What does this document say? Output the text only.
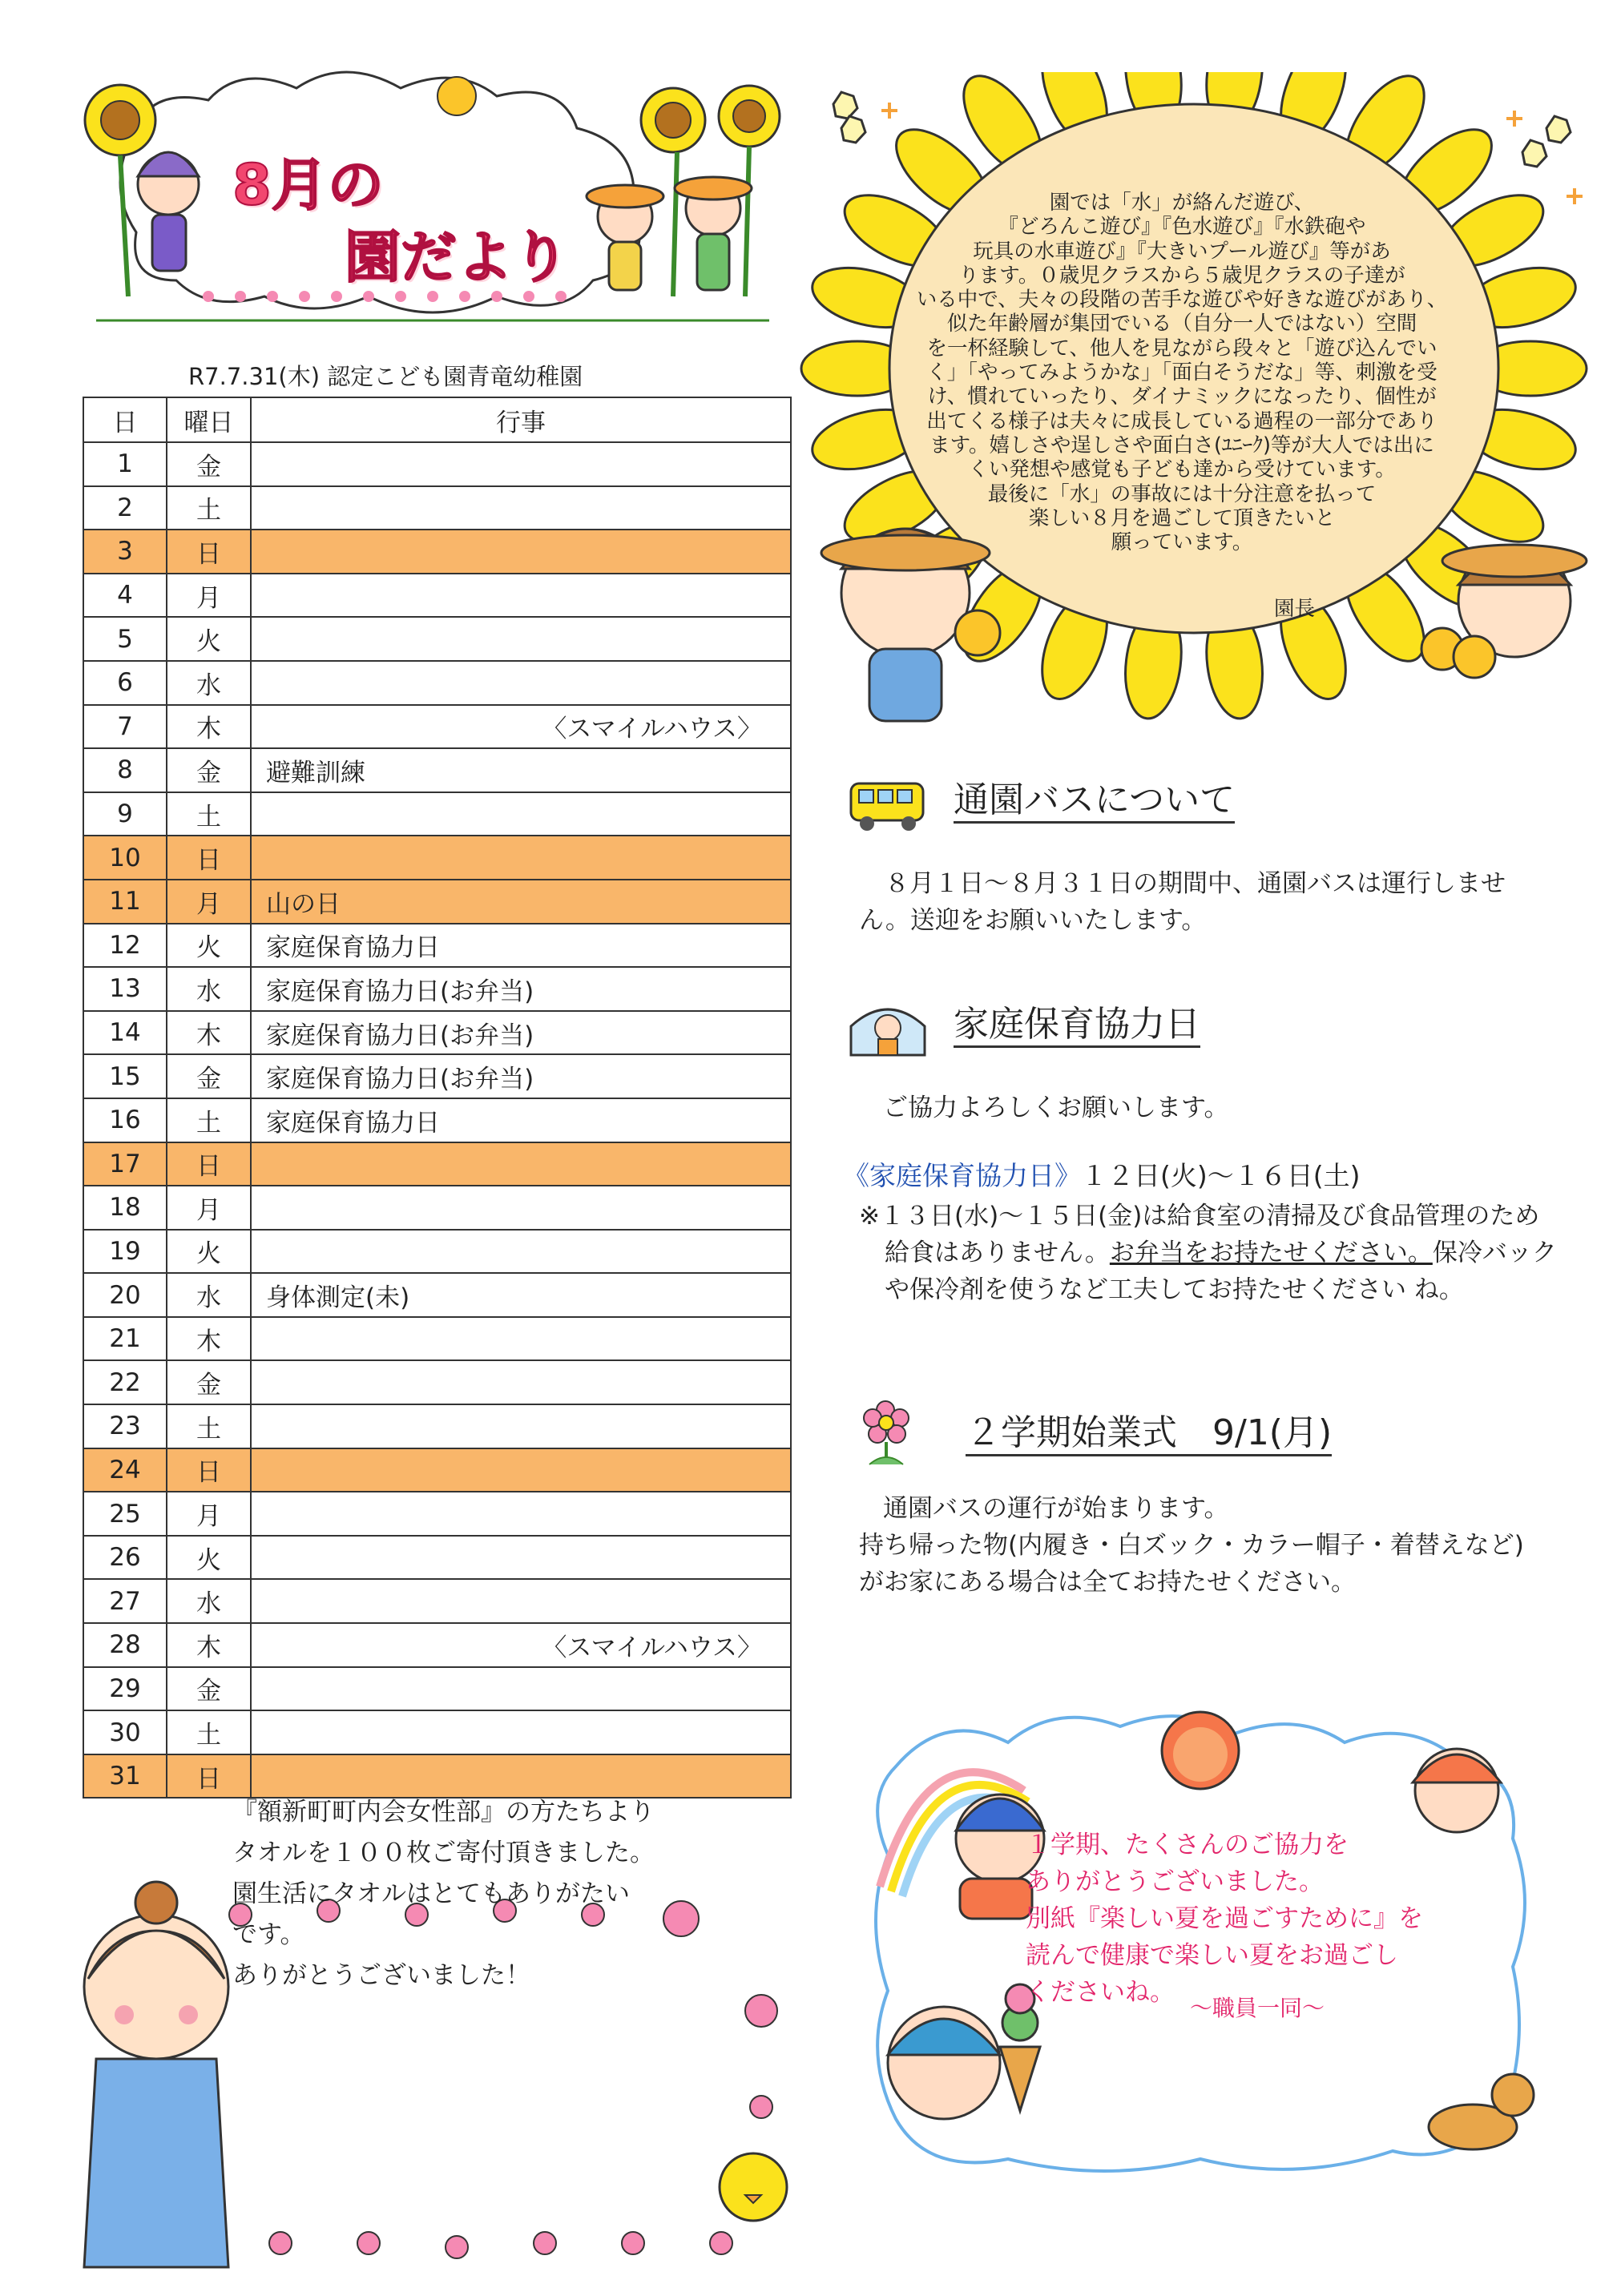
8月の
園だより
R7.7.31(木) 認定こども園青竜幼稚園
日	曜日	行事
1	金	
2	土	
3	日	
4	月	
5	火	
6	水	
7	木	〈スマイルハウス〉
8	金	避難訓練
9	土	
10	日	
11	月	山の日
12	火	家庭保育協力日
13	水	家庭保育協力日(お弁当)
14	木	家庭保育協力日(お弁当)
15	金	家庭保育協力日(お弁当)
16	土	家庭保育協力日
17	日	
18	月	
19	火	
20	水	身体測定(未)
21	木	
22	金	
23	土	
24	日	
25	月	
26	火	
27	水	
28	木	〈スマイルハウス〉
29	金	
30	土	
31	日	
園では「水」が絡んだ遊び、
『どろんこ遊び』『色水遊び』『水鉄砲や
玩具の水車遊び』『大きいプール遊び』等があ
ります。０歳児クラスから５歳児クラスの子達が
いる中で、夫々の段階の苦手な遊びや好きな遊びがあり、
似た年齢層が集団でいる（自分一人ではない）空間
を一杯経験して、他人を見ながら段々と「遊び込んでい
く」「やってみようかな」「面白そうだな」等、刺激を受
け、慣れていったり、ダイナミックになったり、個性が
出てくる様子は夫々に成長している過程の一部分であり
ます。嬉しさや逞しさや面白さ(ﾕﾆｰｸ)等が大人では出に
くい発想や感覚も子ども達から受けています。
最後に「水」の事故には十分注意を払って
楽しい８月を過ごして頂きたいと
願っています。
園長
通園バスについて
８月１日～８月３１日の期間中、通園バスは運行しません。送迎をお願いいたします。
家庭保育協力日
ご協力よろしくお願いします。
《家庭保育協力日》１２日(火)～１６日(土)
※１３日(水)～１５日(金)は給食室の清掃及び食品管理のため給食はありません。お弁当をお持たせください。保冷バックや保冷剤を使うなど工夫してお持たせください ね。
２学期始業式　9/1(月)
通園バスの運行が始まります。
持ち帰った物(内履き・白ズック・カラー帽子・着替えなど)がお家にある場合は全てお持たせください。
『額新町町内会女性部』の方たちより
タオルを１００枚ご寄付頂きました。
園生活にタオルはとてもありがたい
です。
ありがとうございました！
１学期、たくさんのご協力を
ありがとうございました。
別紙『楽しい夏を過ごすために』を
読んで健康で楽しい夏をお過ごし
くださいね。
～職員一同～
